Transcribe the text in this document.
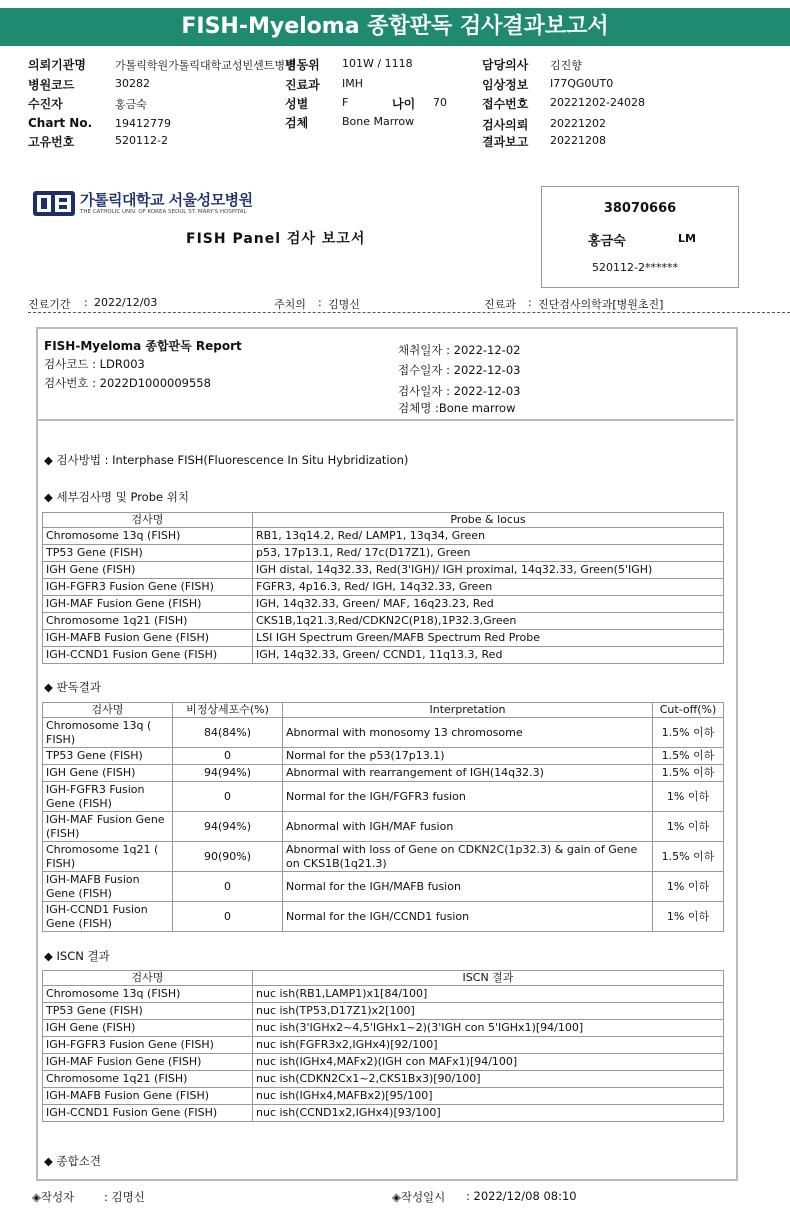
FISH-Myeloma 종합판독 검사결과보고서
의뢰기관명	가톨릭학원가톨릭대학교성빈센트병원
병동위 101W / 1118	담당의사 김진향
병원코드	30282	진료과 IMH	임상정보 I77QG0UT0
수진자	홍금숙	성별	F	나이 70	접수번호 20221202-24028
Chart No. 19412779	검체	Bone Marrow	검사의뢰 20221202
고유번호	520112-2	결과보고 20221208
가톨릭대학교 서울성모병원
THE CATHOLIC UNIV. OF KOREA SEOUL ST. MARY'S HOSPITAL
FISH Panel 검사 보고서
38070666
홍금숙	LM
520112-2******
진료기간 : 2022/12/03	주치의 : 김명신	진료과 : 진단검사의학과[병원초진]
FISH-Myeloma 종합판독 Report
검사코드 : LDR003
검사번호 : 2022D1000009558
채취일자 : 2022-12-02
접수일자 : 2022-12-03
검사일자 : 2022-12-03
검체명 :Bone marrow
◆ 검사방법 : Interphase FISH(Fluorescence In Situ Hybridization)
◆ 세부검사명 및 Probe 위치
검사명	Probe & locus
Chromosome 13q (FISH)	RB1, 13q14.2, Red/ LAMP1, 13q34, Green
TP53 Gene (FISH)	p53, 17p13.1, Red/ 17c(D17Z1), Green
IGH Gene (FISH)	IGH distal, 14q32.33, Red(3'IGH)/ IGH proximal, 14q32.33, Green(5'IGH)
IGH-FGFR3 Fusion Gene (FISH)	FGFR3, 4p16.3, Red/ IGH, 14q32.33, Green
IGH-MAF Fusion Gene (FISH)	IGH, 14q32.33, Green/ MAF, 16q23.23, Red
Chromosome 1q21 (FISH)	CKS1B,1q21.3,Red/CDKN2C(P18),1P32.3,Green
IGH-MAFB Fusion Gene (FISH)	LSI IGH Spectrum Green/MAFB Spectrum Red Probe
IGH-CCND1 Fusion Gene (FISH)	IGH, 14q32.33, Green/ CCND1, 11q13.3, Red
◆ 판독결과
검사명	비정상세포수(%)	Interpretation	Cut-off(%)
Chromosome 13q ( FISH)	84(84%)	Abnormal with monosomy 13 chromosome	1.5% 이하
TP53 Gene (FISH)	0	Normal for the p53(17p13.1)	1.5% 이하
IGH Gene (FISH)	94(94%)	Abnormal with rearrangement of IGH(14q32.3)	1.5% 이하
IGH-FGFR3 Fusion Gene (FISH)	0	Normal for the IGH/FGFR3 fusion	1% 이하
IGH-MAF Fusion Gene (FISH)	94(94%)	Abnormal with IGH/MAF fusion	1% 이하
Chromosome 1q21 ( FISH)	90(90%)	Abnormal with loss of Gene on CDKN2C(1p32.3) & gain of Gene on CKS1B(1q21.3)	1.5% 이하
IGH-MAFB Fusion Gene (FISH)	0	Normal for the IGH/MAFB fusion	1% 이하
IGH-CCND1 Fusion Gene (FISH)	0	Normal for the IGH/CCND1 fusion	1% 이하
◆ ISCN 결과
검사명	ISCN 결과
Chromosome 13q (FISH)	nuc ish(RB1,LAMP1)x1[84/100]
TP53 Gene (FISH)	nuc ish(TP53,D17Z1)x2[100]
IGH Gene (FISH)	nuc ish(3'IGHx2~4,5'IGHx1~2)(3'IGH con 5'IGHx1)[94/100]
IGH-FGFR3 Fusion Gene (FISH)	nuc ish(FGFR3x2,IGHx4)[92/100]
IGH-MAF Fusion Gene (FISH)	nuc ish(IGHx4,MAFx2)(IGH con MAFx1)[94/100]
Chromosome 1q21 (FISH)	nuc ish(CDKN2Cx1~2,CKS1Bx3)[90/100]
IGH-MAFB Fusion Gene (FISH)	nuc ish(IGHx4,MAFBx2)[95/100]
IGH-CCND1 Fusion Gene (FISH)	nuc ish(CCND1x2,IGHx4)[93/100]
◆ 종합소견
◈작성자	: 김명신	◈작성일시 : 2022/12/08 08:10
